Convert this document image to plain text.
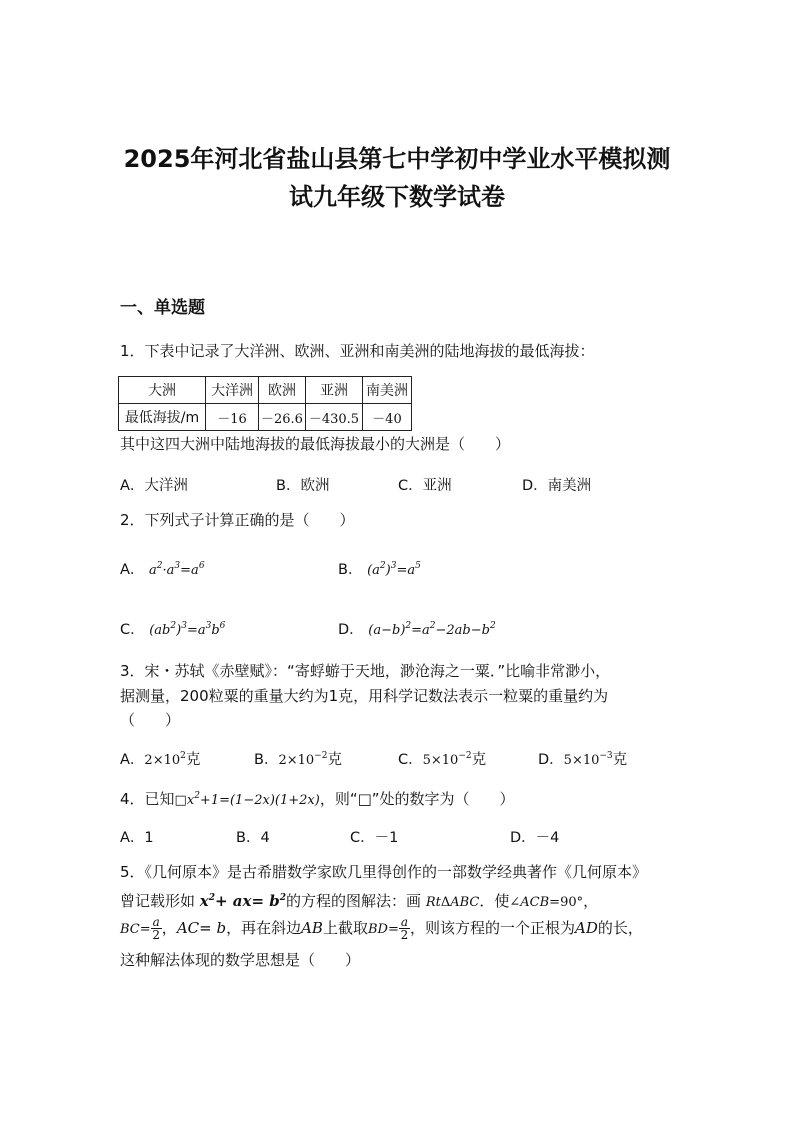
2025年河北省盐山县第七中学初中学业水平模拟测
试九年级下数学试卷
一、单选题
1．下表中记录了大洋洲、欧洲、亚洲和南美洲的陆地海拔的最低海拔：
大洲	大洋洲	欧洲	亚洲	南美洲
最低海拔/m	－16	－26.6	－430.5	－40
其中这四大洲中陆地海拔的最低海拔最小的大洲是（　　）
A．大洋洲	B．欧洲	C．亚洲	D．南美洲
2．下列式子计算正确的是（　　）
A． $a^2\cdot a^3=a^6$	B． $(a^2)^3=a^5$
C． $(ab^2)^3=a^3b^6$	D． $(a-b)^2=a^2-2ab-b^2$
3．宋・苏轼《赤壁赋》：“寄蜉蝣于天地，渺沧海之一粟．”比喻非常渺小，
据测量，200粒粟的重量大约为1克，用科学记数法表示一粒粟的重量约为
（　　）
A．$2\times 10^2$克	B．$2\times 10^{-2}$克	C．$5\times 10^{-2}$克	D．$5\times 10^{-3}$克
4．已知$□x^2+1=(1-2x)(1+2x)$，则“□”处的数字为（　　）
A．1	B．4	C．－1	D．－4
5．《几何原本》是古希腊数学家欧几里得创作的一部数学经典著作《几何原本》
曾记载形如 $x^2+ ax= b^2$的方程的图解法：画 RtΔABC．使∠ACB=90°，
$BC= \frac{a}{2}$ ，AC= b，再在斜边AB上截取$BD= \frac{a}{2}$ ，则该方程的一个正根为AD的长，
这种解法体现的数学思想是（　　）
